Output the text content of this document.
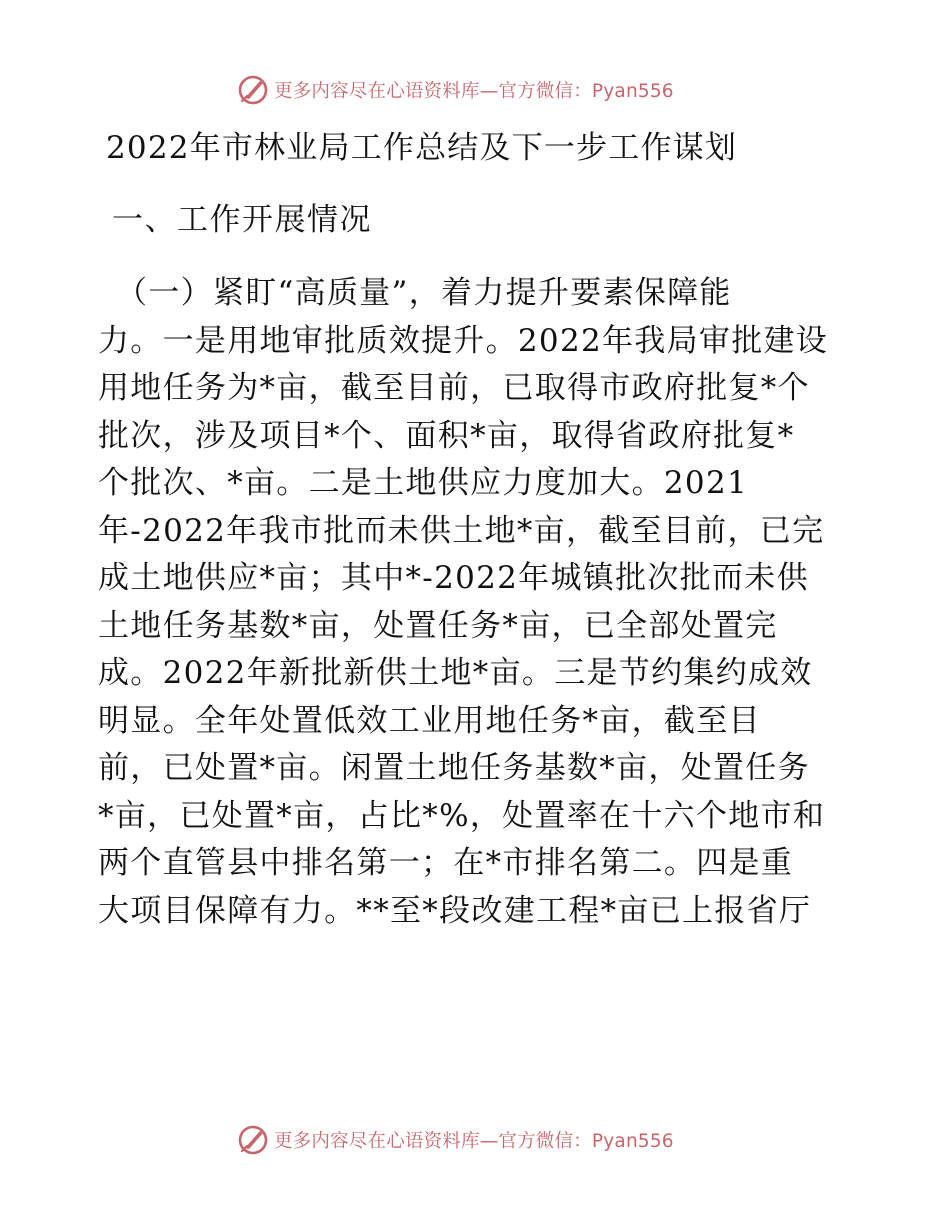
更多内容尽在心语资料库—官方微信：Pyan556
2022年市林业局工作总结及下一步工作谋划
一、工作开展情况
（一）紧盯“高质量”，着力提升要素保障能
力。一是用地审批质效提升。2022年我局审批建设
用地任务为*亩，截至目前，已取得市政府批复*个
批次，涉及项目*个、面积*亩，取得省政府批复*
个批次、*亩。二是土地供应力度加大。2021
年-2022年我市批而未供土地*亩，截至目前，已完
成土地供应*亩；其中*-2022年城镇批次批而未供
土地任务基数*亩，处置任务*亩，已全部处置完
成。2022年新批新供土地*亩。三是节约集约成效
明显。全年处置低效工业用地任务*亩，截至目
前，已处置*亩。闲置土地任务基数*亩，处置任务
*亩，已处置*亩，占比*%，处置率在十六个地市和
两个直管县中排名第一；在*市排名第二。四是重
大项目保障有力。**至*段改建工程*亩已上报省厅
更多内容尽在心语资料库—官方微信：Pyan556
